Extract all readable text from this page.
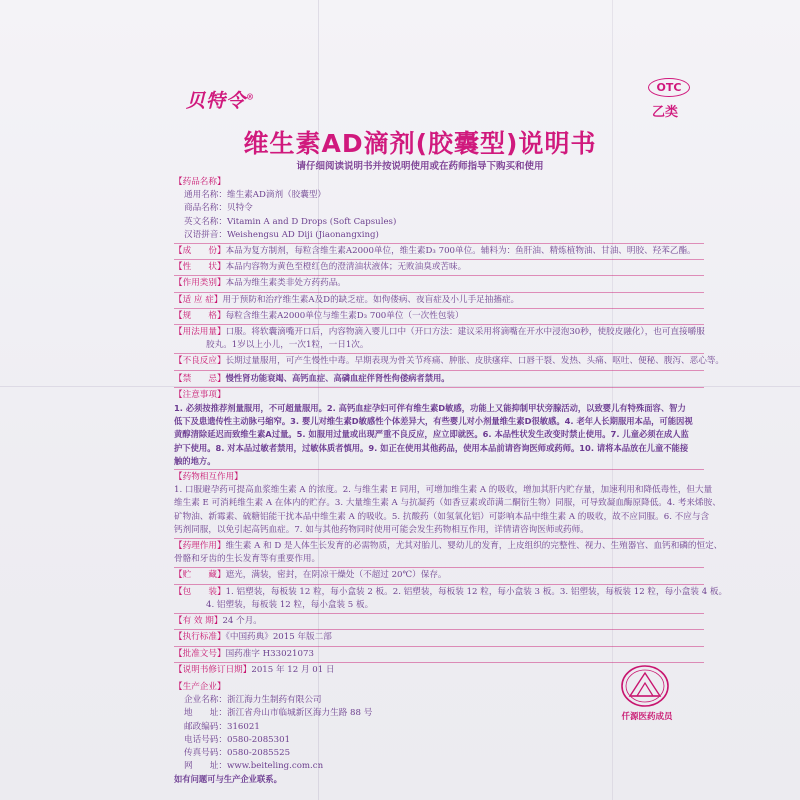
贝特令®
OTC
乙类
维生素AD滴剂(胶囊型)说明书
请仔细阅读说明书并按说明使用或在药师指导下购买和使用
【药品名称】
通用名称：维生素AD滴剂（胶囊型）
商品名称：贝特令
英文名称：Vitamin A and D Drops (Soft Capsules)
汉语拼音：Weishengsu AD Diji (Jiaonangxing)
【成　　份】本品为复方制剂，每粒含维生素A2000单位，维生素D₃ 700单位。辅料为：鱼肝油、精炼植物油、甘油、明胶、羟苯乙酯。
【性　　状】本品内容物为黄色至橙红色的澄清油状液体；无败油臭或苦味。
【作用类别】本品为维生素类非处方药药品。
【适 应 症】用于预防和治疗维生素A及D的缺乏症。如佝偻病、夜盲症及小儿手足抽搐症。
【规　　格】每粒含维生素A2000单位与维生素D₃ 700单位（一次性包装）
【用法用量】口服。将软囊滴嘴开口后，内容物滴入婴儿口中（开口方法：建议采用将滴嘴在开水中浸泡30秒，使胶皮融化），也可直接嚼服
胶丸。1岁以上小儿，一次1粒，一日1次。
【不良反应】长期过量服用，可产生慢性中毒。早期表现为骨关节疼痛、肿胀、皮肤瘙痒、口唇干裂、发热、头痛、呕吐、便秘、腹泻、恶心等。
【禁　　忌】慢性肾功能衰竭、高钙血症、高磷血症伴肾性佝偻病者禁用。
【注意事项】
1. 必须按推荐剂量服用，不可超量服用。2. 高钙血症孕妇可伴有维生素D敏感，功能上又能抑制甲状旁腺活动，以致婴儿有特殊面容、智力
低下及患遗传性主动脉弓缩窄。3. 婴儿对维生素D敏感性个体差异大，有些婴儿对小剂量维生素D很敏感。4. 老年人长期服用本品，可能因视
黄醇清除延迟而致维生素A过量。5. 如服用过量或出现严重不良反应，应立即就医。6. 本品性状发生改变时禁止使用。7. 儿童必须在成人监
护下使用。8. 对本品过敏者禁用，过敏体质者慎用。9. 如正在使用其他药品，使用本品前请咨询医师或药师。10. 请将本品放在儿童不能接
触的地方。
【药物相互作用】
1. 口服避孕药可提高血浆维生素 A 的浓度。2. 与维生素 E 同用，可增加维生素 A 的吸收，增加其肝内贮存量，加速利用和降低毒性，但大量
维生素 E 可消耗维生素 A 在体内的贮存。3. 大量维生素 A 与抗凝药（如香豆素或茚满二酮衍生物）同服，可导致凝血酶原降低。4. 考来烯胺、
矿物油、新霉素、硫糖铝能干扰本品中维生素 A 的吸收。5. 抗酸药（如氢氧化铝）可影响本品中维生素 A 的吸收，故不应同服。6. 不应与含
钙剂同服，以免引起高钙血症。7. 如与其他药物同时使用可能会发生药物相互作用，详情请咨询医师或药师。
【药理作用】维生素 A 和 D 是人体生长发育的必需物质，尤其对胎儿、婴幼儿的发育，上皮组织的完整性、视力、生殖器官、血钙和磷的恒定、
骨骼和牙齿的生长发育等有重要作用。
【贮　　藏】遮光，满装，密封，在阴凉干燥处（不超过 20℃）保存。
【包　　装】1. 铝塑装，每板装 12 粒，每小盒装 2 板。2. 铝塑装，每板装 12 粒，每小盒装 3 板。3. 铝塑装，每板装 12 粒，每小盒装 4 板。
4. 铝塑装，每板装 12 粒，每小盒装 5 板。
【有 效 期】24 个月。
【执行标准】《中国药典》2015 年版二部
【批准文号】国药准字 H33021073
【说明书修订日期】2015 年 12 月 01 日
【生产企业】
企业名称：浙江海力生制药有限公司
地　　址：浙江省舟山市临城新区海力生路 88 号
邮政编码：316021
电话号码：0580-2085301
传真号码：0580-2085525
网　　址：www.beiteling.com.cn
如有问题可与生产企业联系。
仟源医药成员
